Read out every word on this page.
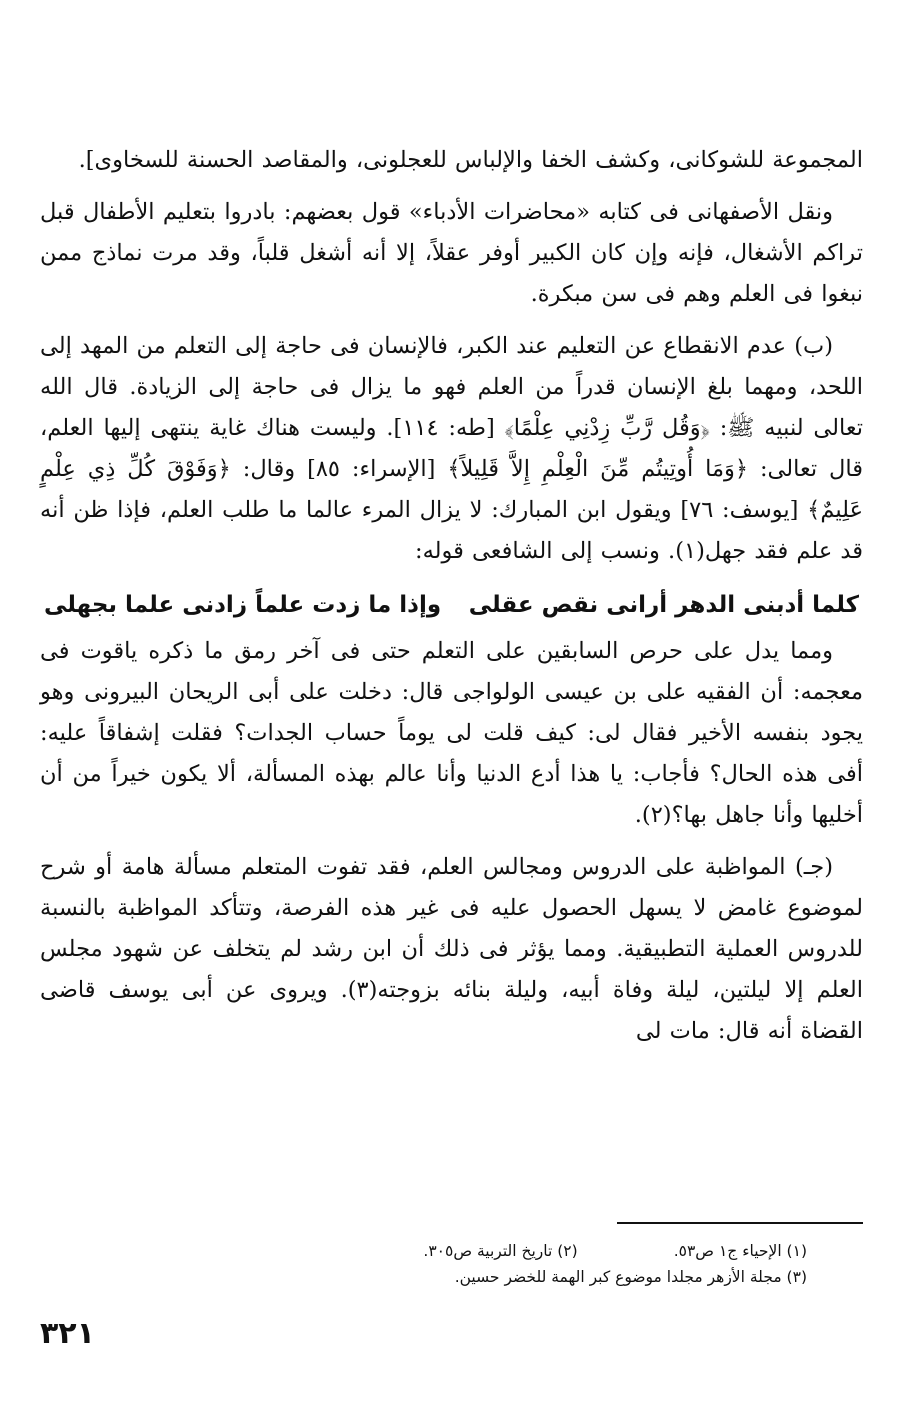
المجموعة للشوكانى، وكشف الخفا والإلباس للعجلونى، والمقاصد الحسنة للسخاوى].

ونقل الأصفهانى فى كتابه «محاضرات الأدباء» قول بعضهم: بادروا بتعليم الأطفال قبل تراكم الأشغال، فإنه وإن كان الكبير أوفر عقلاً، إلا أنه أشغل قلباً، وقد مرت نماذج ممن نبغوا فى العلم وهم فى سن مبكرة.

(ب) عدم الانقطاع عن التعليم عند الكبر، فالإنسان فى حاجة إلى التعلم من المهد إلى اللحد، ومهما بلغ الإنسان قدراً من العلم فهو ما يزال فى حاجة إلى الزيادة. قال الله تعالى لنبيه ﷺ: ﴿وَقُل رَّبِّ زِدْنِي عِلْمًا﴾ [طه: ١١٤]. وليست هناك غاية ينتهى إليها العلم، قال تعالى: ﴿وَمَا أُوتِيتُم مِّنَ الْعِلْمِ إِلاَّ قَلِيلاً﴾ [الإسراء: ٨٥] وقال: ﴿وَفَوْقَ كُلِّ ذِي عِلْمٍ عَلِيمٌ﴾ [يوسف: ٧٦] ويقول ابن المبارك: لا يزال المرء عالما ما طلب العلم، فإذا ظن أنه قد علم فقد جهل(١). ونسب إلى الشافعى قوله:

كلما أدبنى الدهر أرانى نقص عقلى
وإذا ما زدت علماً زادنى علما بجهلى

ومما يدل على حرص السابقين على التعلم حتى فى آخر رمق ما ذكره ياقوت فى معجمه: أن الفقيه على بن عيسى الولواجى قال: دخلت على أبى الريحان البيرونى وهو يجود بنفسه الأخير فقال لى: كيف قلت لى يوماً حساب الجدات؟ فقلت إشفاقاً عليه: أفى هذه الحال؟ فأجاب: يا هذا أدع الدنيا وأنا عالم بهذه المسألة، ألا يكون خيراً من أن أخليها وأنا جاهل بها؟(٢).

(جـ) المواظبة على الدروس ومجالس العلم، فقد تفوت المتعلم مسألة هامة أو شرح لموضوع غامض لا يسهل الحصول عليه فى غير هذه الفرصة، وتتأكد المواظبة بالنسبة للدروس العملية التطبيقية. ومما يؤثر فى ذلك أن ابن رشد لم يتخلف عن شهود مجلس العلم إلا ليلتين، ليلة وفاة أبيه، وليلة بنائه بزوجته(٣). ويروى عن أبى يوسف قاضى القضاة أنه قال: مات لى

(١) الإحياء ج١ ص٥٣.
(٢) تاريخ التربية ص٣٠٥.
(٣) مجلة الأزهر مجلدا موضوع كبر الهمة للخضر حسين.
٣٢١
